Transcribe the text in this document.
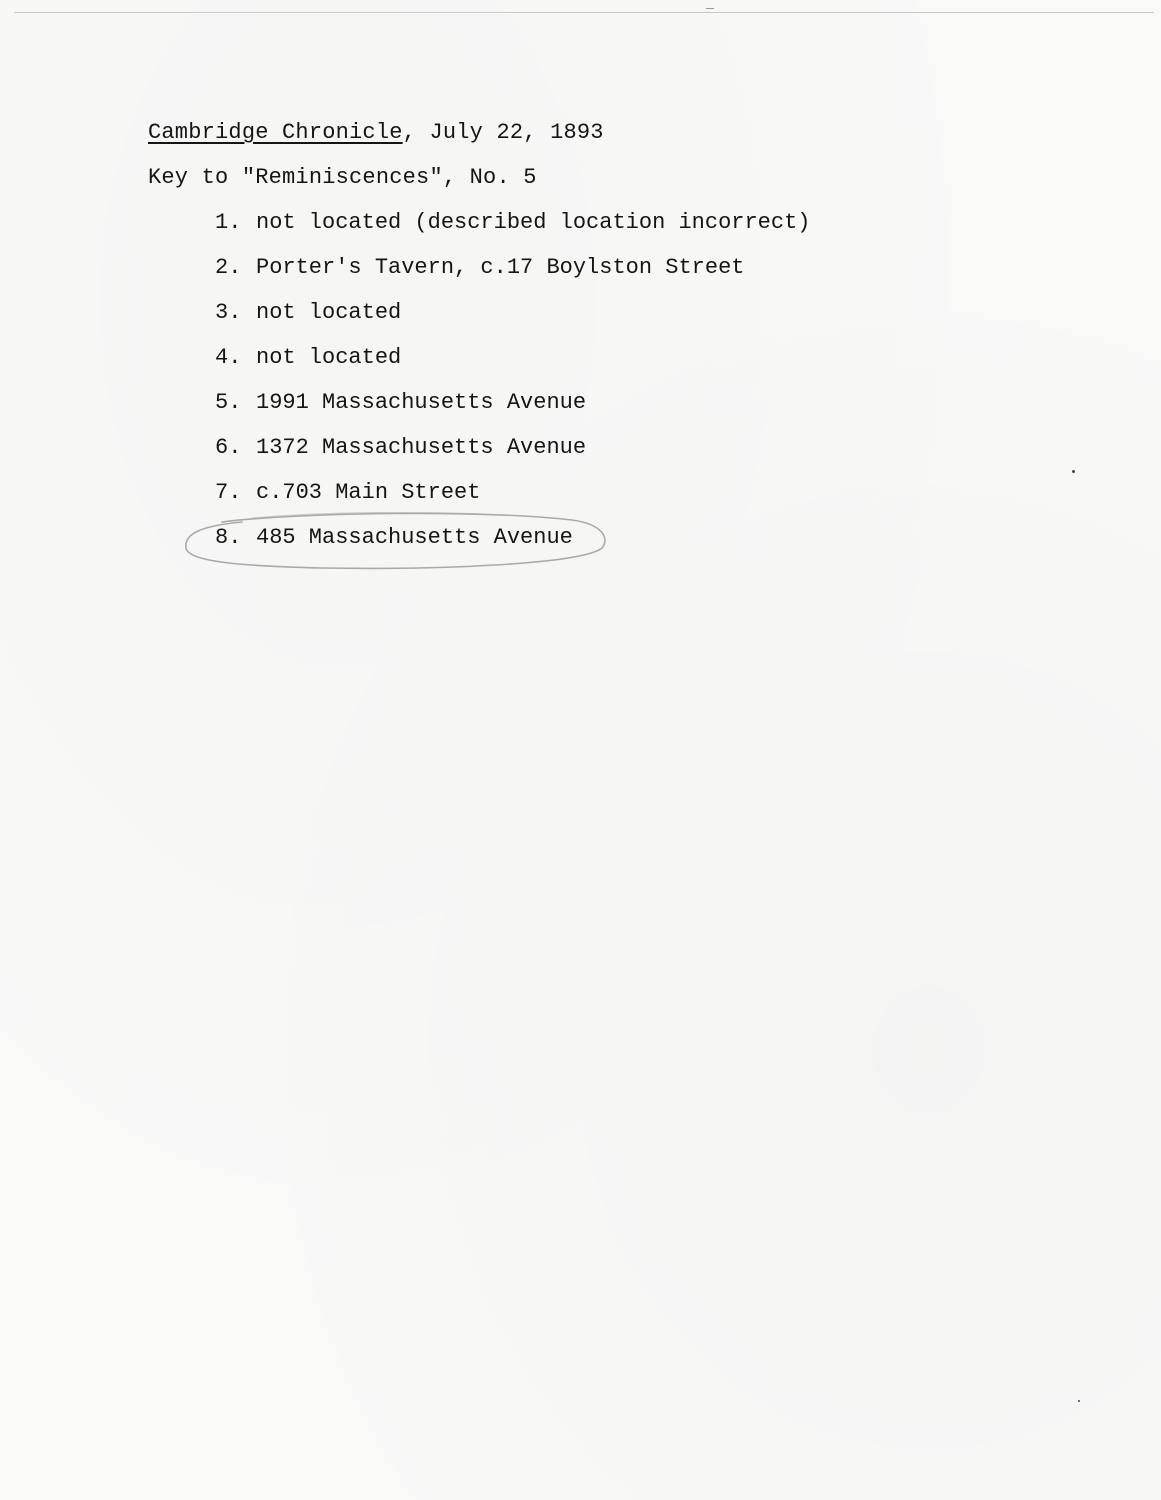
Cambridge Chronicle, July 22, 1893
Key to "Reminiscences", No. 5
1. not located (described location incorrect)
2. Porter's Tavern, c.17 Boylston Street
3. not located
4. not located
5. 1991 Massachusetts Avenue
6. 1372 Massachusetts Avenue
7. c.703 Main Street
8. 485 Massachusetts Avenue
